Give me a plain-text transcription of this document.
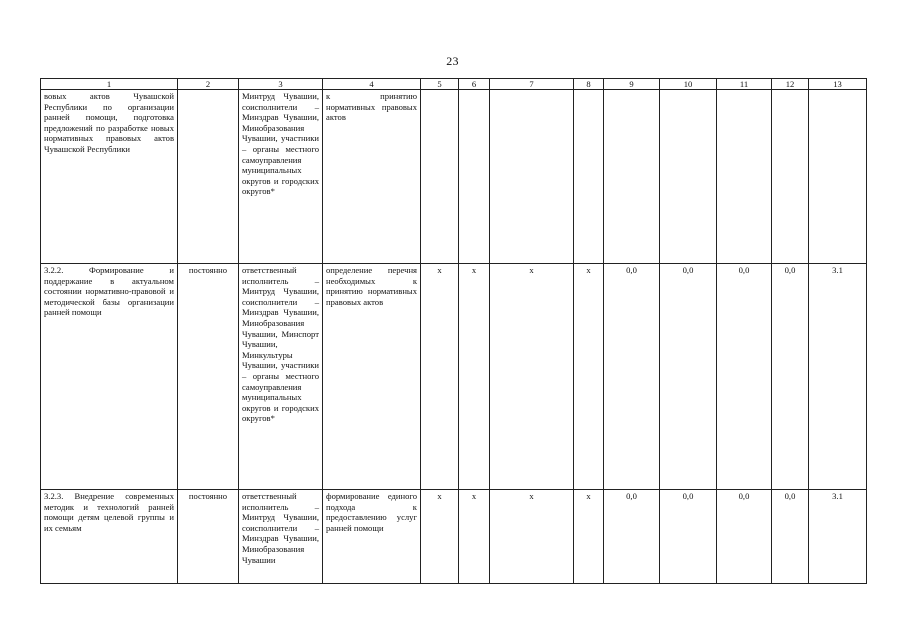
23
1	2	3	4	5	6	7	8	9	10	11	12	13
вовых актов Чувашской Республики по организации ранней помощи, подготовка предложений по разработке новых нормативных правовых актов Чувашской Республики		Минтруд Чувашии, соисполнители – Минздрав Чувашии, Минобразования Чувашии, участники – органы местного самоуправления муниципальных округов и городских округов*	к принятию нормативных правовых актов									
3.2.2. Формирование и поддержание в актуальном состоянии нормативно-правовой и методической базы организации ранней помощи	постоянно	ответственный исполнитель – Минтруд Чувашии, соисполнители – Минздрав Чувашии, Минобразования Чувашии, Минспорт Чувашии, Минкультуры Чувашии, участники – органы местного самоуправления муниципальных округов и городских округов*	определение перечня необходимых к принятию нормативных правовых актов	х	х	х	х	0,0	0,0	0,0	0,0	3.1
3.2.3. Внедрение современных методик и технологий ранней помощи детям целевой группы и их семьям	постоянно	ответственный исполнитель – Минтруд Чувашии, соисполнители – Минздрав Чувашии, Минобразования Чувашии	формирование единого подхода к предоставлению услуг ранней помощи	х	х	х	х	0,0	0,0	0,0	0,0	3.1
